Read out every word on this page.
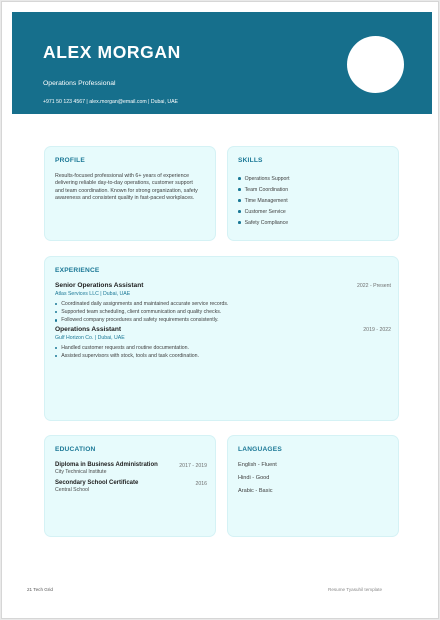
ALEX MORGAN
Operations Professional
+971 50 123 4567 | alex.morgan@email.com | Dubai, UAE
PROFILE
Results-focused professional with 6+ years of experience
delivering reliable day-to-day operations, customer support
and team coordination. Known for strong organization, safety
awareness and consistent quality in fast-paced workplaces.
SKILLS
Operations Support
Team Coordination
Time Management
Customer Service
Safety Compliance
EXPERIENCE
Senior Operations Assistant	2022 - Present
Atlas Services LLC | Dubai, UAE
Coordinated daily assignments and maintained accurate service records.
Supported team scheduling, client communication and quality checks.
Followed company procedures and safety requirements consistently.
Operations Assistant	2019 - 2022
Gulf Horizon Co. | Dubai, UAE
Handled customer requests and routine documentation.
Assisted supervisors with stock, tools and task coordination.
EDUCATION
Diploma in Business Administration	2017 - 2019
City Technical Institute
Secondary School Certificate	2016
Central School
LANGUAGES
English - Fluent
Hindi - Good
Arabic - Basic
21 Tech Grid	Resume Tyasuhil template
